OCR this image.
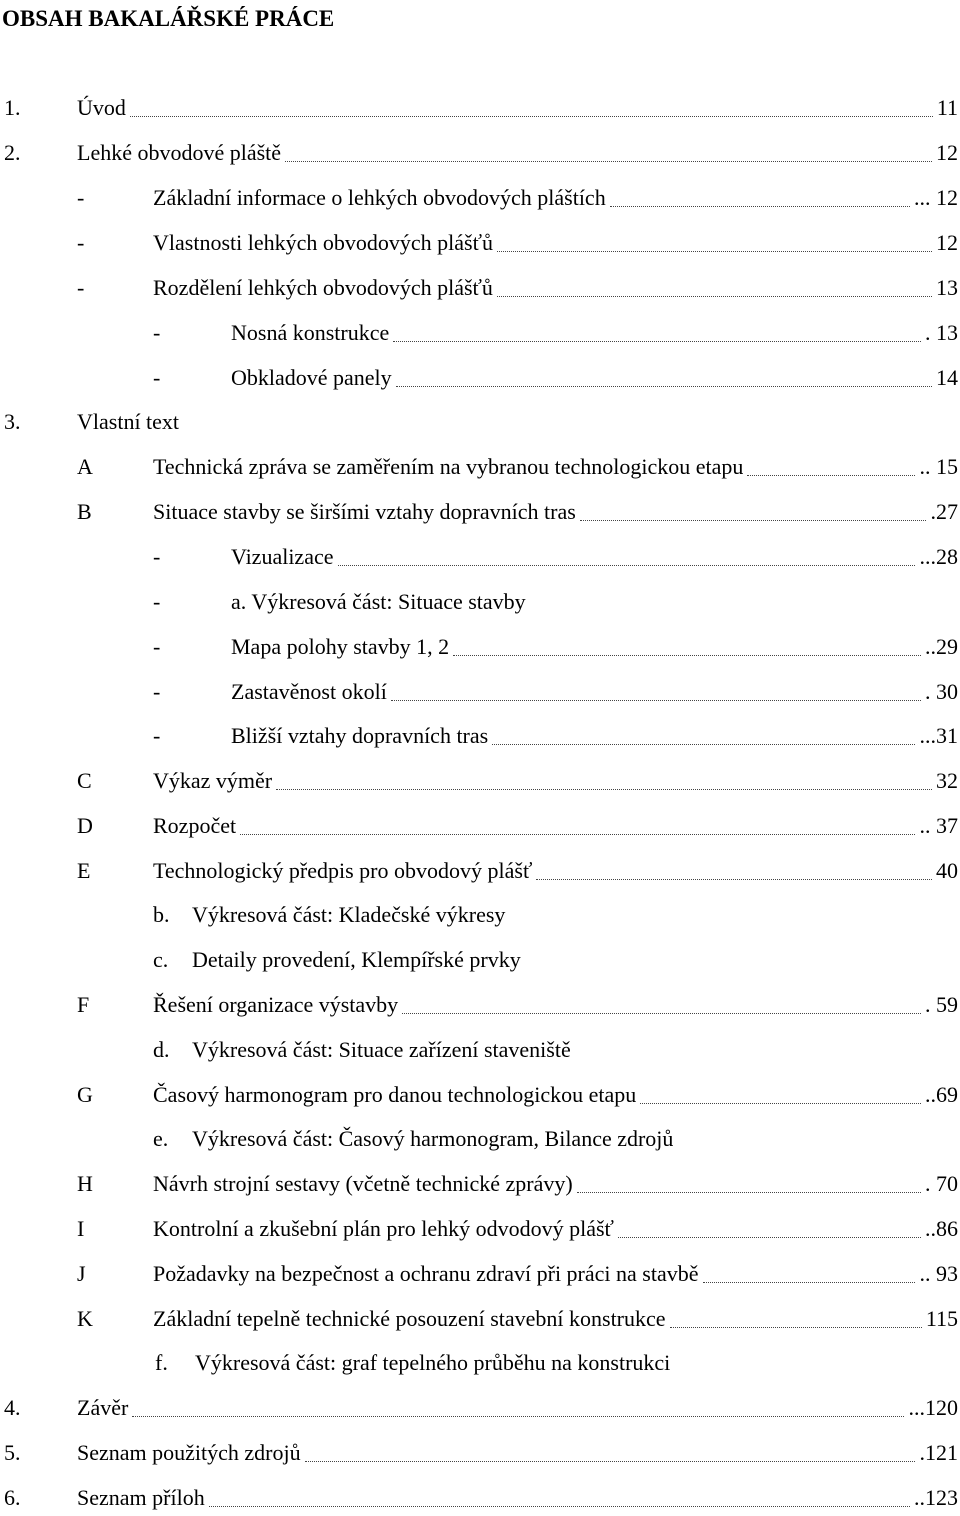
OBSAH BAKALÁŘSKÉ PRÁCE
1.	Úvod	11
2.	Lehké obvodové pláště	12
-	Základní informace o lehkých obvodových pláštích	... 12
-	Vlastnosti lehkých obvodových plášťů	12
-	Rozdělení lehkých obvodových plášťů	13
-	Nosná konstrukce	. 13
-	Obkladové panely	14
3.	Vlastní text
A	Technická zpráva se zaměřením na vybranou technologickou etapu	.. 15
B	Situace stavby se širšími vztahy dopravních tras	.27
-	Vizualizace	...28
-	a. Výkresová část: Situace stavby
-	Mapa polohy stavby 1, 2	..29
-	Zastavěnost okolí	. 30
-	Bližší vztahy dopravních tras	...31
C	Výkaz výměr	32
D	Rozpočet	.. 37
E	Technologický předpis pro obvodový plášť	40
b. Výkresová část: Kladečské výkresy
c. Detaily provedení, Klempířské prvky
F	Řešení organizace výstavby	. 59
d. Výkresová část: Situace zařízení staveniště
G	Časový harmonogram pro danou technologickou etapu	..69
e. Výkresová část: Časový harmonogram, Bilance zdrojů
H	Návrh strojní sestavy (včetně technické zprávy)	. 70
I	Kontrolní a zkušební plán pro lehký odvodový plášť	..86
J	Požadavky na bezpečnost a ochranu zdraví při práci na stavbě	.. 93
K	Základní tepelně technické posouzení stavební konstrukce	115
f. Výkresová část: graf tepelného průběhu na konstrukci
4.	Závěr	...120
5.	Seznam použitých zdrojů	.121
6.	Seznam příloh	..123
